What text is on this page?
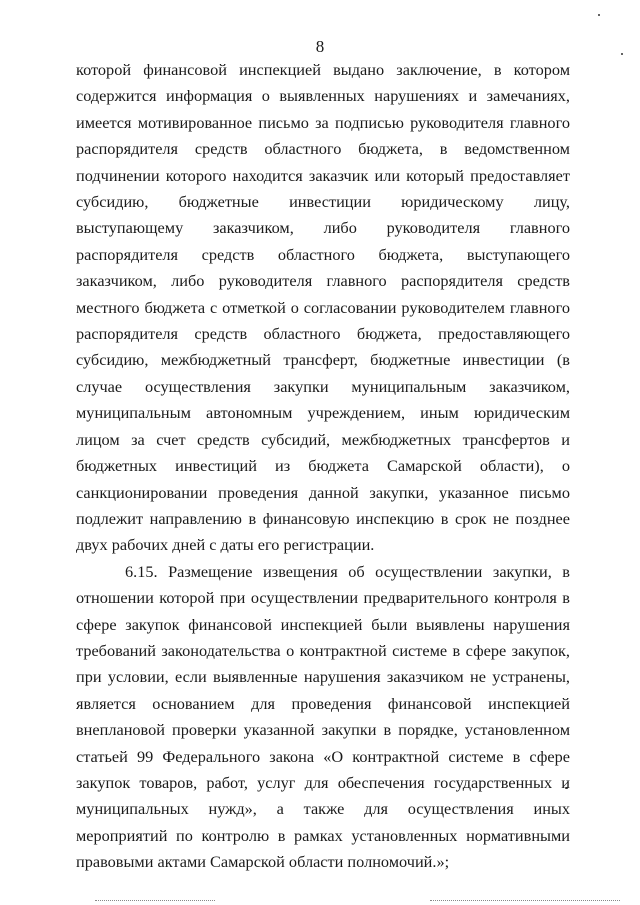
8

которой финансовой инспекцией выдано заключение, в котором содержится информация о выявленных нарушениях и замечаниях, имеется мотивированное письмо за подписью руководителя главного распорядителя средств областного бюджета, в ведомственном подчинении которого находится заказчик или который предоставляет субсидию, бюджетные инвестиции юридическому лицу, выступающему заказчиком, либо руководителя главного распорядителя средств областного бюджета, выступающего заказчиком, либо руководителя главного распорядителя средств местного бюджета с отметкой о согласовании руководителем главного распорядителя средств областного бюджета, предоставляющего субсидию, межбюджетный трансферт, бюджетные инвестиции (в случае осуществления закупки муниципальным заказчиком, муниципальным автономным учреждением, иным юридическим лицом за счет средств субсидий, межбюджетных трансфертов и бюджетных инвестиций из бюджета Самарской области), о санкционировании проведения данной закупки, указанное письмо подлежит направлению в финансовую инспекцию в срок не позднее двух рабочих дней с даты его регистрации.

6.15. Размещение извещения об осуществлении закупки, в отношении которой при осуществлении предварительного контроля в сфере закупок финансовой инспекцией были выявлены нарушения требований законодательства о контрактной системе в сфере закупок, при условии, если выявленные нарушения заказчиком не устранены, является основанием для проведения финансовой инспекцией внеплановой проверки указанной закупки в порядке, установленном статьей 99 Федерального закона «О контрактной системе в сфере закупок товаров, работ, услуг для обеспечения государственных и муниципальных нужд», а также для осуществления иных мероприятий по контролю в рамках установленных нормативными правовыми актами Самарской области полномочий.»;
